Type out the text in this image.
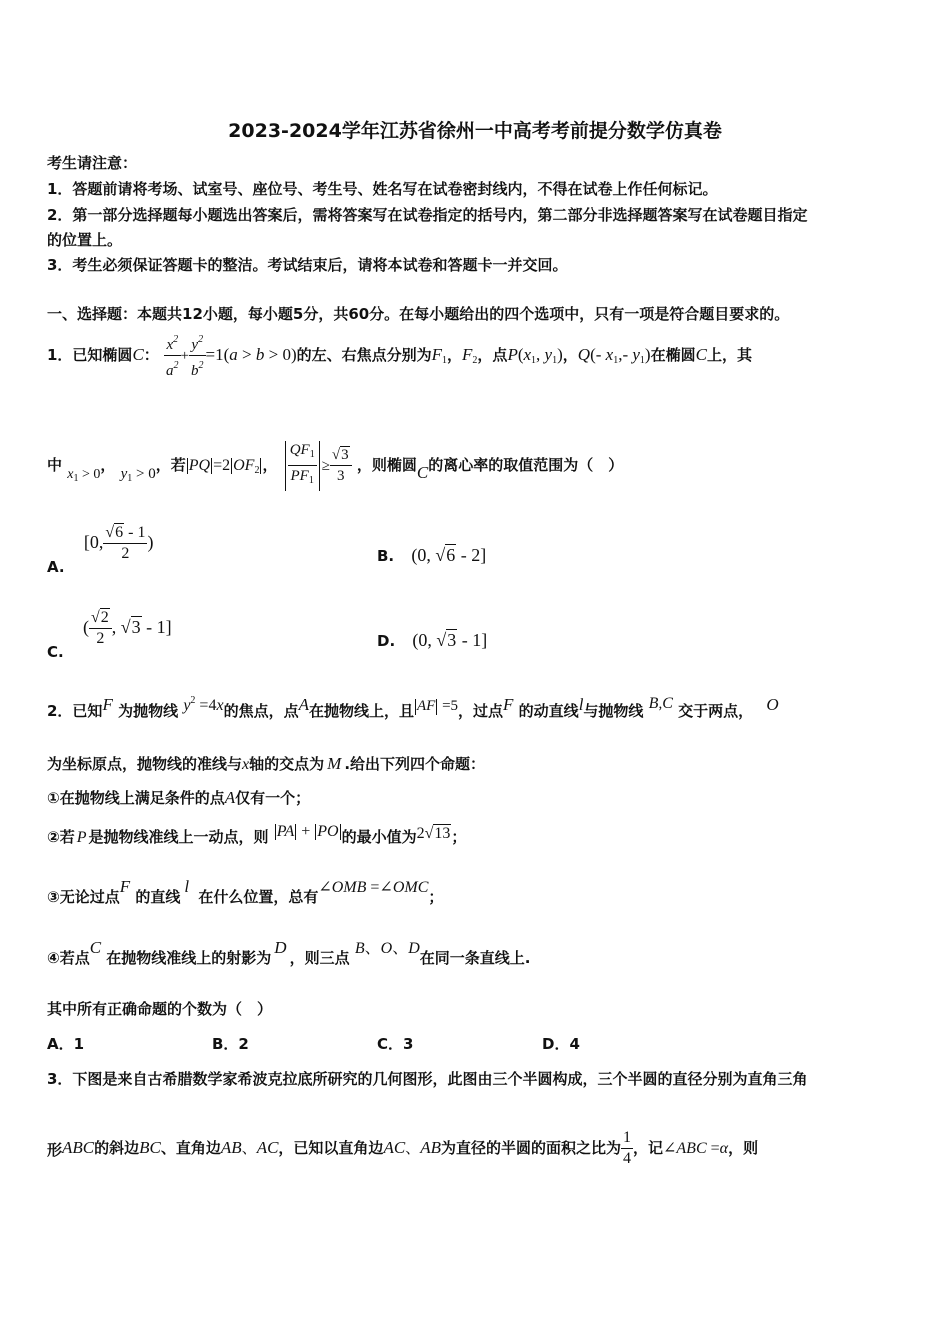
2023-2024学年江苏省徐州一中高考考前提分数学仿真卷
考生请注意：
1．答题前请将考场、试室号、座位号、考生号、姓名写在试卷密封线内，不得在试卷上作任何标记。
2．第一部分选择题每小题选出答案后，需将答案写在试卷指定的括号内，第二部分非选择题答案写在试卷题目指定
的位置上。
3．考生必须保证答题卡的整洁。考试结束后，请将本试卷和答题卡一并交回。
一、选择题：本题共12小题，每小题5分，共60分。在每小题给出的四个选项中，只有一项是符合题目要求的。
1．已知椭圆C： $\frac{x^2}{a^2} + \frac{y^2}{b^2} =1(a > b > 0)$的左、右焦点分别为$F_1$，$F_2$，点$P(x_1$, $y_1$)，Q(- $x_1,-$ $y_1$)在椭圆C上，其
中 $x_1 > 0$， $y_1 > 0$，若 PQ =2 $OF_2$ ， $\frac{QF_1}{PF_1} \ge \frac{√3}{3}$ ，则椭圆C的离心率的取值范围为（　）
A. [0, $\frac{√6 - 1}{2}$ )
B. (0, √6 - 2]
C. ( $\frac{√2}{2}$ , √3 - 1]
D. (0, √3 - 1]
2．已知F 为抛物线 $y^2 =4x$的焦点，点A在抛物线上，且 AF =5，过点F 的动直线l与抛物线 B,C 交于两点， O
为坐标原点，抛物线的准线与x轴的交点为 M .给出下列四个命题：
①在抛物线上满足条件的点A仅有一个；
②若 P 是抛物线准线上一动点，则 PA + PO 的最小值为2√13；
③无论过点F 的直线l 在什么位置，总有∠OMB =∠OMC；
④若点C 在抛物线准线上的射影为D，则三点 B、O、D在同一条直线上.
其中所有正确命题的个数为（　）
A．1	B．2	C．3	D．4
3．下图是来自古希腊数学家希波克拉底所研究的几何图形，此图由三个半圆构成，三个半圆的直径分别为直角三角
形ABC的斜边BC、直角边AB、AC，已知以直角边AC、AB为直径的半圆的面积之比为 $\frac{1}{4}$ ，记∠ABC =α，则
